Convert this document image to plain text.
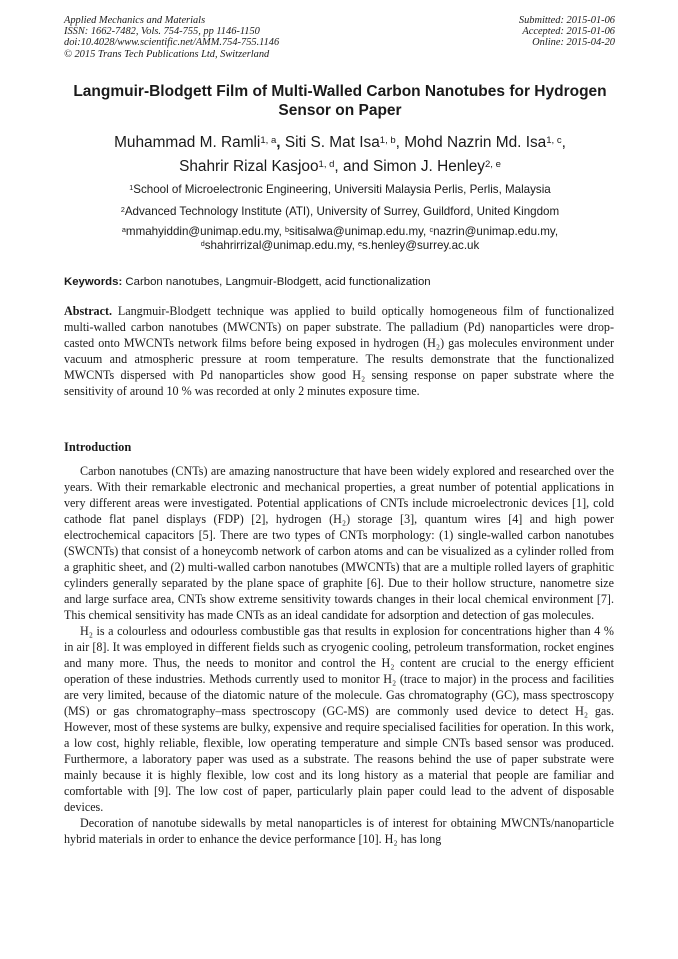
Applied Mechanics and Materials
ISSN: 1662-7482, Vols. 754-755, pp 1146-1150
doi:10.4028/www.scientific.net/AMM.754-755.1146
© 2015 Trans Tech Publications Ltd, Switzerland
Submitted: 2015-01-06
Accepted: 2015-01-06
Online: 2015-04-20
Langmuir-Blodgett Film of Multi-Walled Carbon Nanotubes for Hydrogen Sensor on Paper
Muhammad M. Ramli$^{1, a}$, Siti S. Mat Isa$^{1, b}$, Mohd Nazrin Md. Isa$^{1, c}$,
Shahrir Rizal Kasjoo$^{1, d}$, and Simon J. Henley$^{2, e}$
$^1$School of Microelectronic Engineering, Universiti Malaysia Perlis, Perlis, Malaysia
$^2$Advanced Technology Institute (ATI), University of Surrey, Guildford, United Kingdom
$^a$mmahyiddin@unimap.edu.my, $^b$sitisalwa@unimap.edu.my, $^c$nazrin@unimap.edu.my,
$^d$shahrirrizal@unimap.edu.my, $^e$s.henley@surrey.ac.uk
Keywords: Carbon nanotubes, Langmuir-Blodgett, acid functionalization
Abstract. Langmuir-Blodgett technique was applied to build optically homogeneous film of functionalized multi-walled carbon nanotubes (MWCNTs) on paper substrate. The palladium (Pd) nanoparticles were drop-casted onto MWCNTs network films before being exposed in hydrogen (H₂) gas molecules environment under vacuum and atmospheric pressure at room temperature. The results demonstrate that the functionalized MWCNTs dispersed with Pd nanoparticles show good H₂ sensing response on paper substrate where the sensitivity of around 10 % was recorded at only 2 minutes exposure time.
Introduction

Carbon nanotubes (CNTs) are amazing nanostructure that have been widely explored and researched over the years. With their remarkable electronic and mechanical properties, a great number of potential applications in very different areas were investigated. Potential applications of CNTs include microelectronic devices [1], cold cathode flat panel displays (FDP) [2], hydrogen (H₂) storage [3], quantum wires [4] and high power electrochemical capacitors [5]. There are two types of CNTs morphology: (1) single-walled carbon nanotubes (SWCNTs) that consist of a honeycomb network of carbon atoms and can be visualized as a cylinder rolled from a graphitic sheet, and (2) multi-walled carbon nanotubes (MWCNTs) that are a multiple rolled layers of graphitic cylinders generally separated by the plane space of graphite [6]. Due to their hollow structure, nanometre size and large surface area, CNTs show extreme sensitivity towards changes in their local chemical environment [7]. This chemical sensitivity has made CNTs as an ideal candidate for adsorption and detection of gas molecules.

H₂ is a colourless and odourless combustible gas that results in explosion for concentrations higher than 4 % in air [8]. It was employed in different fields such as cryogenic cooling, petroleum transformation, rocket engines and many more. Thus, the needs to monitor and control the H₂ content are crucial to the energy efficient operation of these industries. Methods currently used to monitor H₂ (trace to major) in the process and facilities are very limited, because of the diatomic nature of the molecule. Gas chromatography (GC), mass spectroscopy (MS) or gas chromatography–mass spectroscopy (GC-MS) are commonly used device to detect H₂ gas. However, most of these systems are bulky, expensive and require specialised facilities for operation. In this work, a low cost, highly reliable, flexible, low operating temperature and simple CNTs based sensor was produced. Furthermore, a laboratory paper was used as a substrate. The reasons behind the use of paper substrate were mainly because it is highly flexible, low cost and its long history as a material that people are familiar and comfortable with [9]. The low cost of paper, particularly plain paper could lead to the advent of disposable devices.

Decoration of nanotube sidewalls by metal nanoparticles is of interest for obtaining MWCNTs/nanoparticle hybrid materials in order to enhance the device performance [10]. H₂ has long
